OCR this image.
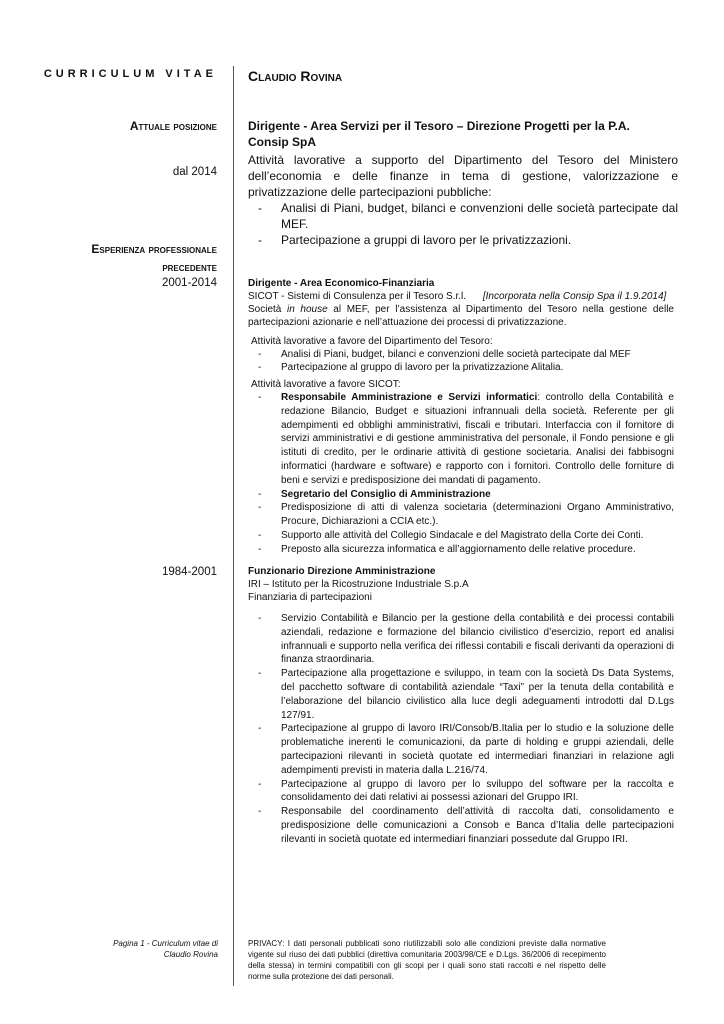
CURRICULUM VITAE Claudio Rovina
Attuale posizione	Dirigente - Area Servizi per il Tesoro – Direzione Progetti per la P.A.
Consip SpA
dal 2014
Attività lavorative a supporto del Dipartimento del Tesoro del Ministero dell’economia e delle finanze in tema di gestione, valorizzazione e privatizzazione delle partecipazioni pubbliche:
- Analisi di Piani, budget, bilanci e convenzioni delle società partecipate dal MEF.
- Partecipazione a gruppi di lavoro per le privatizzazioni.
Esperienza professionale
precedente
2001-2014	Dirigente - Area Economico-Finanziaria
SICOT - Sistemi di Consulenza per il Tesoro S.r.l. [Incorporata nella Consip Spa il 1.9.2014]
Società in house al MEF, per l’assistenza al Dipartimento del Tesoro nella gestione delle partecipazioni azionarie e nell’attuazione dei processi di privatizzazione.
Attività lavorative a favore del Dipartimento del Tesoro:
- Analisi di Piani, budget, bilanci e convenzioni delle società partecipate dal MEF
- Partecipazione al gruppo di lavoro per la privatizzazione Alitalia.
Attività lavorative a favore SICOT:
- Responsabile Amministrazione e Servizi informatici: controllo della Contabilità e redazione Bilancio, Budget e situazioni infrannuali della società. Referente per gli adempimenti ed obblighi amministrativi, fiscali e tributari. Interfaccia con il fornitore di servizi amministrativi e di gestione amministrativa del personale, il Fondo pensione e gli istituti di credito, per le ordinarie attività di gestione societaria. Analisi dei fabbisogni informatici (hardware e software) e rapporto con i fornitori. Controllo delle forniture di beni e servizi e predisposizione dei mandati di pagamento.
- Segretario del Consiglio di Amministrazione
- Predisposizione di atti di valenza societaria (determinazioni Organo Amministrativo, Procure, Dichiarazioni a CCIA etc.).
- Supporto alle attività del Collegio Sindacale e del Magistrato della Corte dei Conti.
- Preposto alla sicurezza informatica e all’aggiornamento delle relative procedure.
1984-2001	Funzionario Direzione Amministrazione
IRI – Istituto per la Ricostruzione Industriale S.p.A
Finanziaria di partecipazioni
- Servizio Contabilità e Bilancio per la gestione della contabilità e dei processi contabili aziendali, redazione e formazione del bilancio civilistico d’esercizio, report ed analisi infrannuali e supporto nella verifica dei riflessi contabili e fiscali derivanti da operazioni di finanza straordinaria.
- Partecipazione alla progettazione e sviluppo, in team con la società Ds Data Systems, del pacchetto software di contabilità aziendale “Taxi” per la tenuta della contabilità e l’elaborazione del bilancio civilistico alla luce degli adeguamenti introdotti dal D.Lgs 127/91.
- Partecipazione al gruppo di lavoro IRI/Consob/B.Italia per lo studio e la soluzione delle problematiche inerenti le comunicazioni, da parte di holding e gruppi aziendali, delle partecipazioni rilevanti in società quotate ed intermediari finanziari in relazione agli adempimenti previsti in materia dalla L.216/74.
- Partecipazione al gruppo di lavoro per lo sviluppo del software per la raccolta e consolidamento dei dati relativi ai possessi azionari del Gruppo IRI.
- Responsabile del coordinamento dell’attività di raccolta dati, consolidamento e predisposizione delle comunicazioni a Consob e Banca d’Italia delle partecipazioni rilevanti in società quotate ed intermediari finanziari possedute dal Gruppo IRI.
Pagina 1 - Curriculum vitae di
Claudio Rovina
PRIVACY: I dati personali pubblicati sono riutilizzabili solo alle condizioni previste dalla normative vigente sul riuso dei dati pubblici (direttiva comunitaria 2003/98/CE e D.Lgs. 36/2006 di recepimento della stessa) in termini compatibili con gli scopi per i quali sono stati raccolti e nel rispetto delle norme sulla protezione dei dati personali.
